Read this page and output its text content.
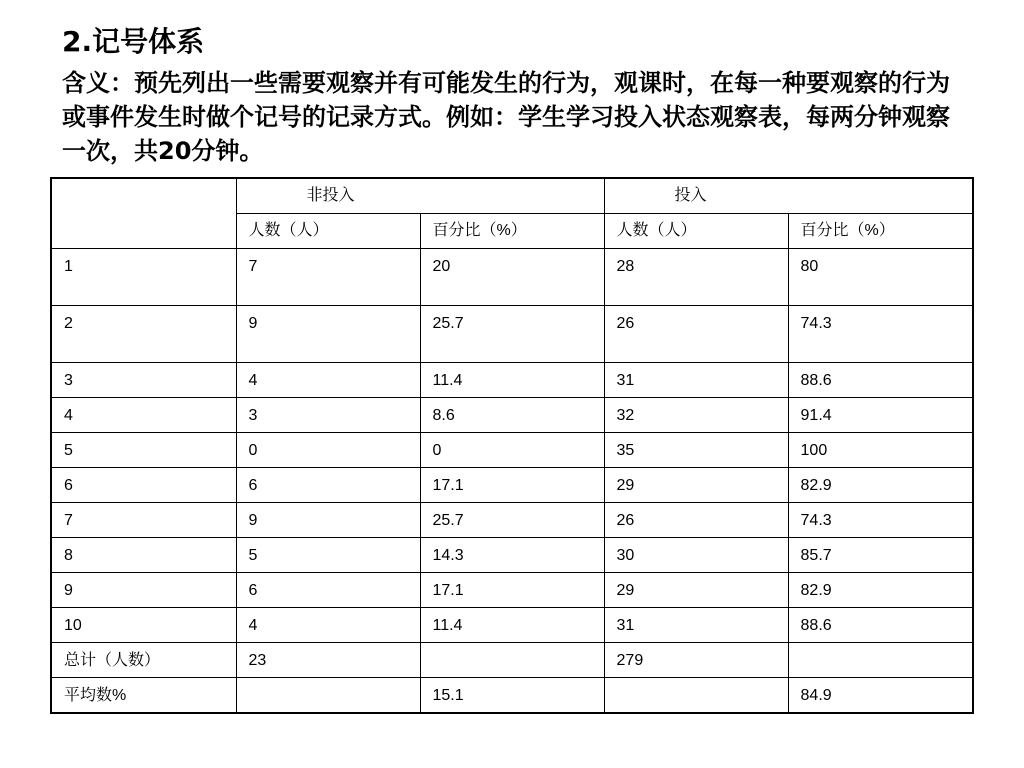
2.记号体系

含义：预先列出一些需要观察并有可能发生的行为，观课时，在每一种要观察的行为或事件发生时做个记号的记录方式。例如：学生学习投入状态观察表，每两分钟观察一次，共20分钟。

	非投入		投入	
	人数（人）	百分比（%）	人数（人）	百分比（%）
1	7	20	28	80
2	9	25.7	26	74.3
3	4	11.4	31	88.6
4	3	8.6	32	91.4
5	0	0	35	100
6	6	17.1	29	82.9
7	9	25.7	26	74.3
8	5	14.3	30	85.7
9	6	17.1	29	82.9
10	4	11.4	31	88.6
总计（人数）	23		279	
平均数%		15.1		84.9
